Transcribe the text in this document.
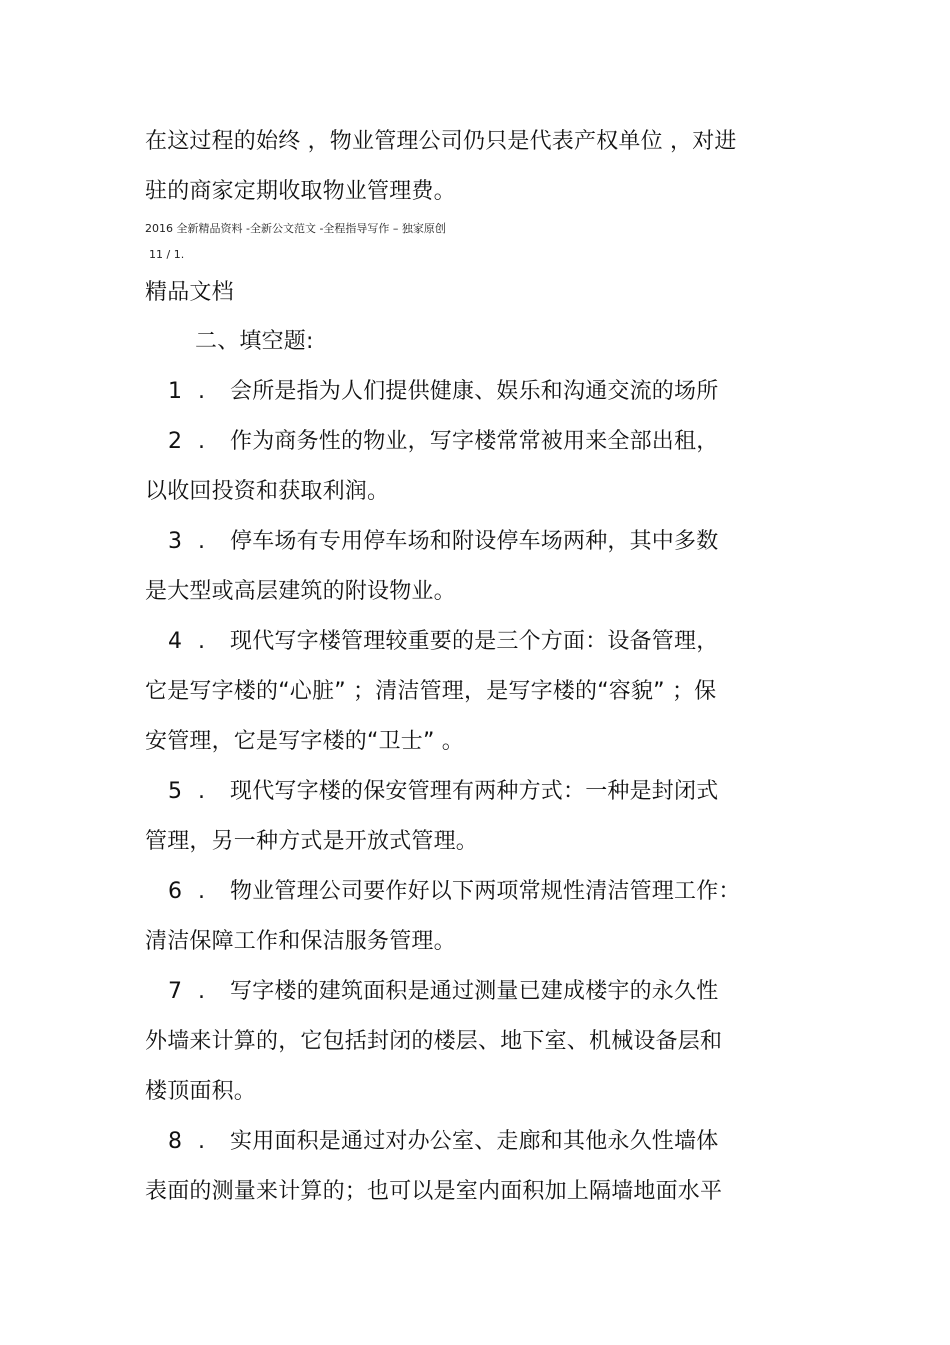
在这过程的始终 ，物业管理公司仍只是代表产权单位 ，对进
驻的商家定期收取物业管理费。
2016 全新精品资料 -全新公文范文 -全程指导写作 – 独家原创
11 / 1.
精品文档
二、填空题:
1 . 会所是指为人们提供健康、娱乐和沟通交流的场所
2 . 作为商务性的物业，写字楼常常被用来全部出租，
以收回投资和获取利润。
3 . 停车场有专用停车场和附设停车场两种，其中多数
是大型或高层建筑的附设物业。
4 . 现代写字楼管理较重要的是三个方面：设备管理，
它是写字楼的“心脏” ；清洁管理，是写字楼的“容貌” ；保
安管理，它是写字楼的“卫士” 。
5 . 现代写字楼的保安管理有两种方式：一种是封闭式
管理，另一种方式是开放式管理。
6 . 物业管理公司要作好以下两项常规性清洁管理工作：
清洁保障工作和保洁服务管理。
7 . 写字楼的建筑面积是通过测量已建成楼宇的永久性
外墙来计算的，它包括封闭的楼层、地下室、机械设备层和
楼顶面积。
8 . 实用面积是通过对办公室、走廊和其他永久性墙体
表面的测量来计算的；也可以是室内面积加上隔墙地面水平
